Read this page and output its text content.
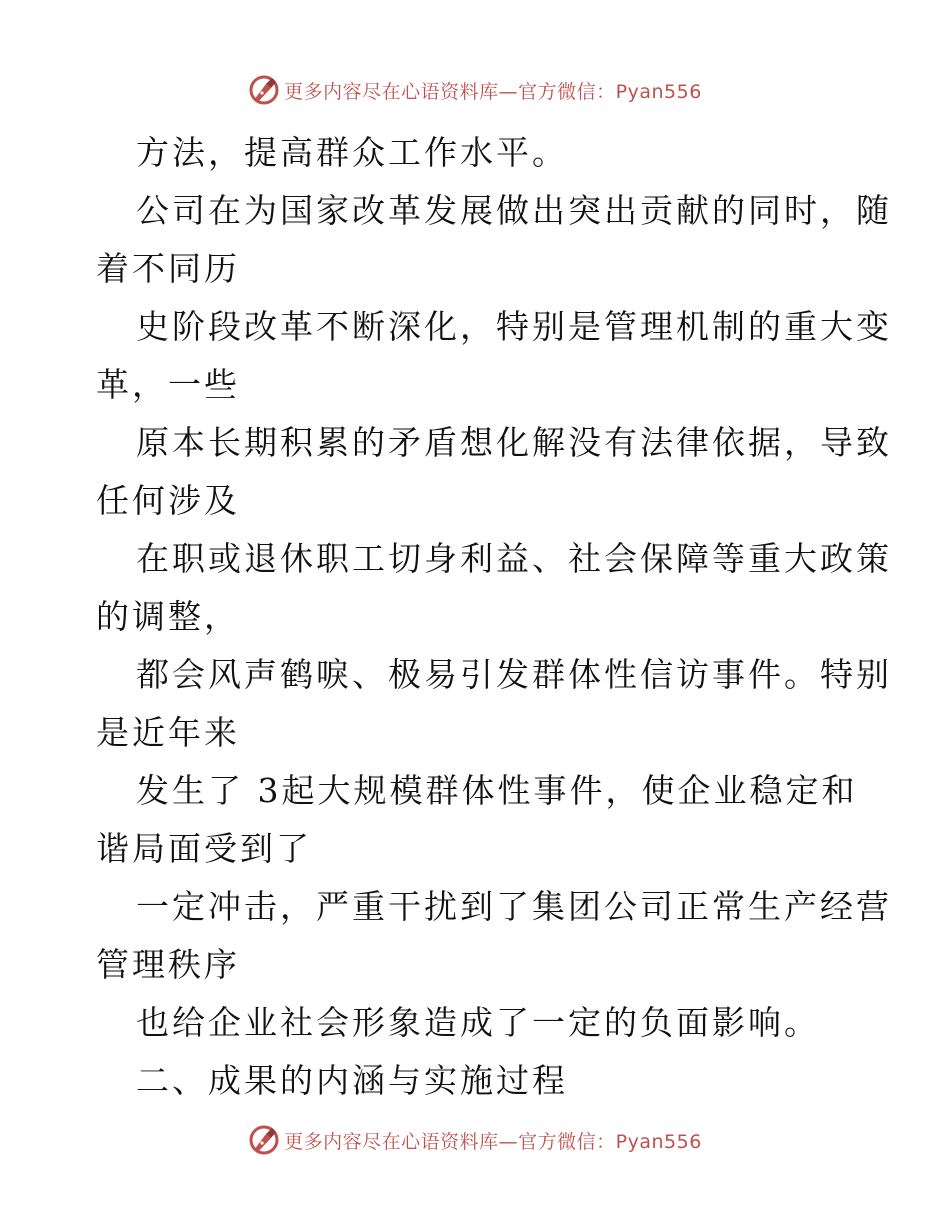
更多内容尽在心语资料库—官方微信：Pyan556

方法，提高群众工作水平。

公司在为国家改革发展做出突出贡献的同时，随

着不同历

史阶段改革不断深化，特别是管理机制的重大变

革，一些

原本长期积累的矛盾想化解没有法律依据，导致

任何涉及

在职或退休职工切身利益、社会保障等重大政策

的调整，

都会风声鹤唳、极易引发群体性信访事件。特别

是近年来

发生了 3起大规模群体性事件，使企业稳定和

谐局面受到了

一定冲击，严重干扰到了集团公司正常生产经营

管理秩序

也给企业社会形象造成了一定的负面影响。

二、成果的内涵与实施过程

更多内容尽在心语资料库—官方微信：Pyan556
